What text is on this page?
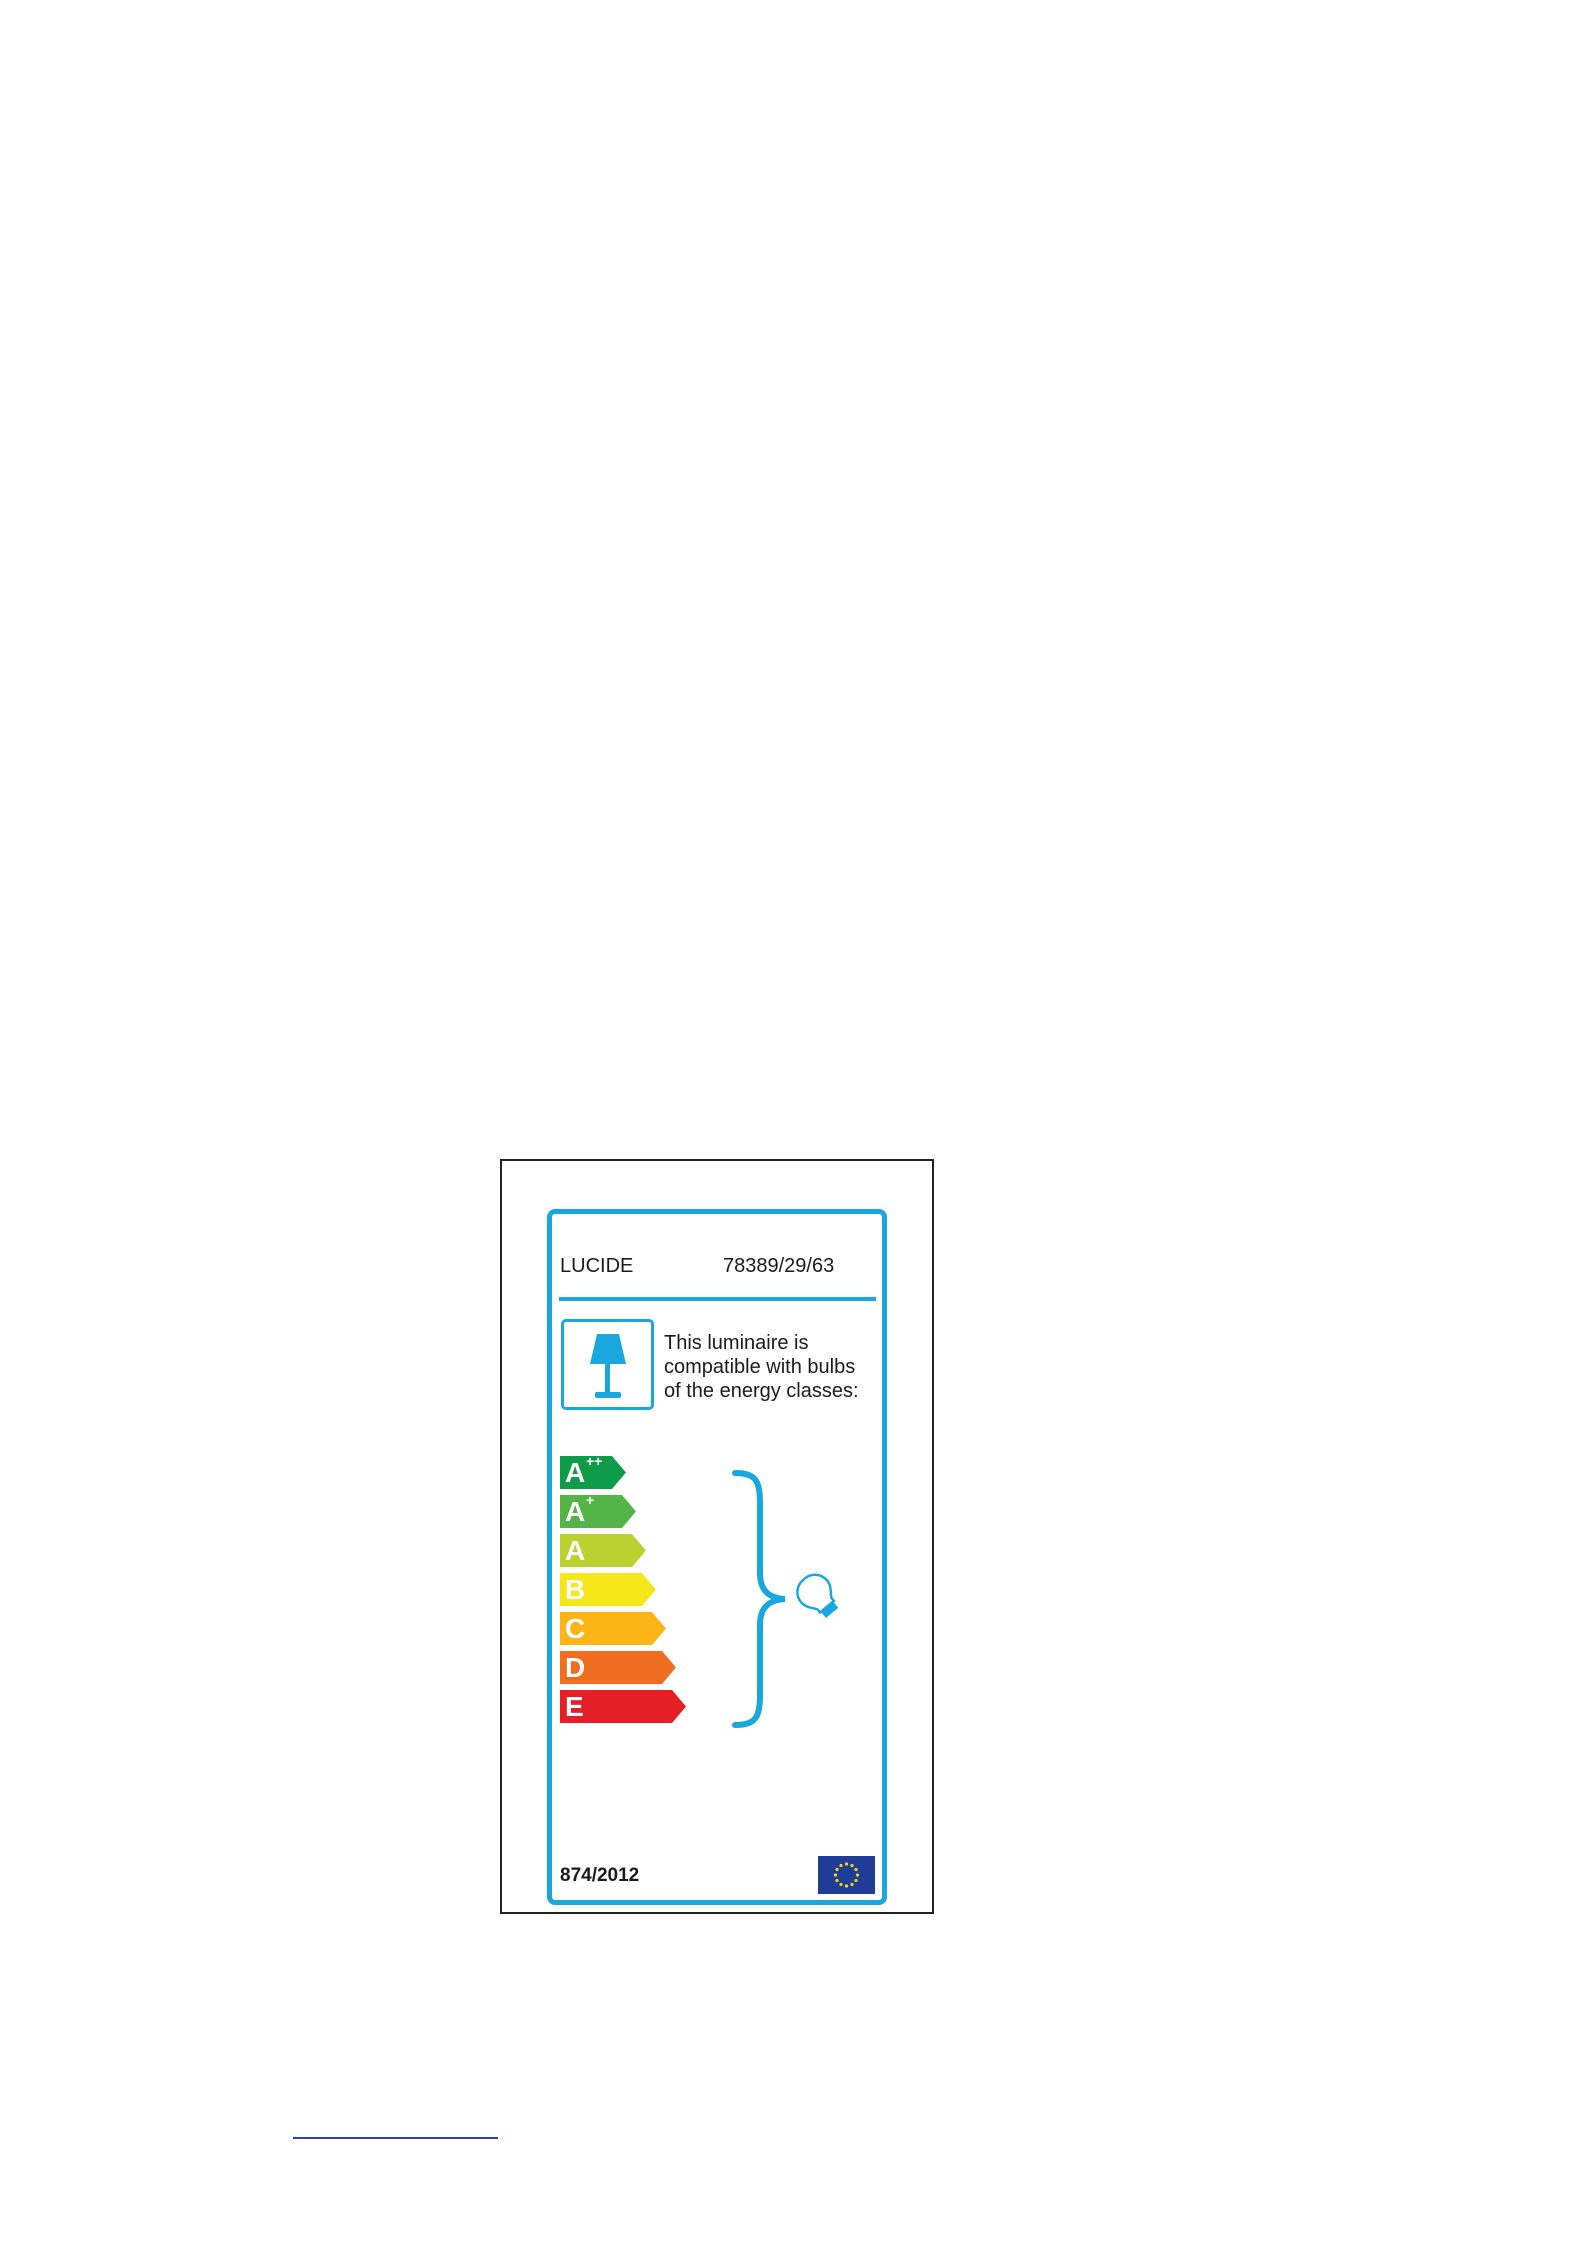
LUCIDE	78389/29/63
This luminaire is
compatible with bulbs
of the energy classes:
A ++
A +
A
B
C
D
E
874/2012
